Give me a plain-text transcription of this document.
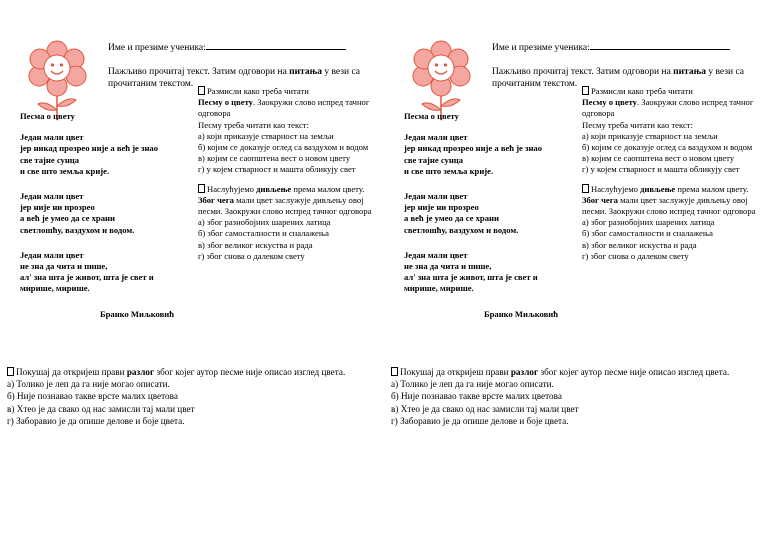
Име и презиме ученика:
Пажљиво прочитај текст. Затим одговори на питања у вези са прочитаним текстом.
Песма о цвету
Један мали цвет
јер никад прозрео није а већ је знао
све тајне сунца
и све што земља крије.
Један мали цвет
јер није ни прозрео
а већ је умео да се храни
светлошћу, ваздухом и водом.
Један мали цвет
не зна да чита и пише,
ал' зна шта је живот, шта је свет и
мирише, мирише.
Бранко Миљковић
Размисли како треба читати
Песму о цвету. Заокружи слово испред тачног одговора
Песму треба читати као текст:
а) који приказује стварност на земљи
б) којим се доказује оглед са ваздухом и водом
в) којим се саопштена вест о новом цвету
г) у којем стварност и машта обликују свет
Наслућујемо дивљење према малом цвету. Због чега мали цвет заслужује дивљењу овој песми. Заокружи слово испред тачног одговора
а) због разнобојних шарених латица
б) због самосталности и сналажења
в) због великог искуства и рада
г) због снова о далеком свету
Покушај да откријеш прави разлог због којег аутор песме није описао изглед цвета.
а) Толико је леп да га није могао описати.
б) Није познавао такве врсте малих цветова
в) Хтео је да свако од нас замисли тај мали цвет
г) Заборавио је да опише делове и боје цвета.
Име и презиме ученика:
Пажљиво прочитај текст. Затим одговори на питања у вези са прочитаним текстом.
Песма о цвету
Један мали цвет
јер никад прозрео није а већ је знао
све тајне сунца
и све што земља крије.
Један мали цвет
јер није ни прозрео
а већ је умео да се храни
светлошћу, ваздухом и водом.
Један мали цвет
не зна да чита и пише,
ал' зна шта је живот, шта је свет и
мирише, мирише.
Бранко Миљковић
Размисли како треба читати
Песму о цвету. Заокружи слово испред тачног одговора
Песму треба читати као текст:
а) који приказује стварност на земљи
б) којим се доказује оглед са ваздухом и водом
в) којим се саопштена вест о новом цвету
г) у којем стварност и машта обликују свет
Наслућујемо дивљење према малом цвету. Због чега мали цвет заслужује дивљењу овој песми. Заокружи слово испред тачног одговора
а) због разнобојних шарених латица
б) због самосталности и сналажења
в) због великог искуства и рада
г) због снова о далеком свету
Покушај да откријеш прави разлог због којег аутор песме није описао изглед цвета.
а) Толико је леп да га није могао описати.
б) Није познавао такве врсте малих цветова
в) Хтео је да свако од нас замисли тај мали цвет
г) Заборавио је да опише делове и боје цвета.
